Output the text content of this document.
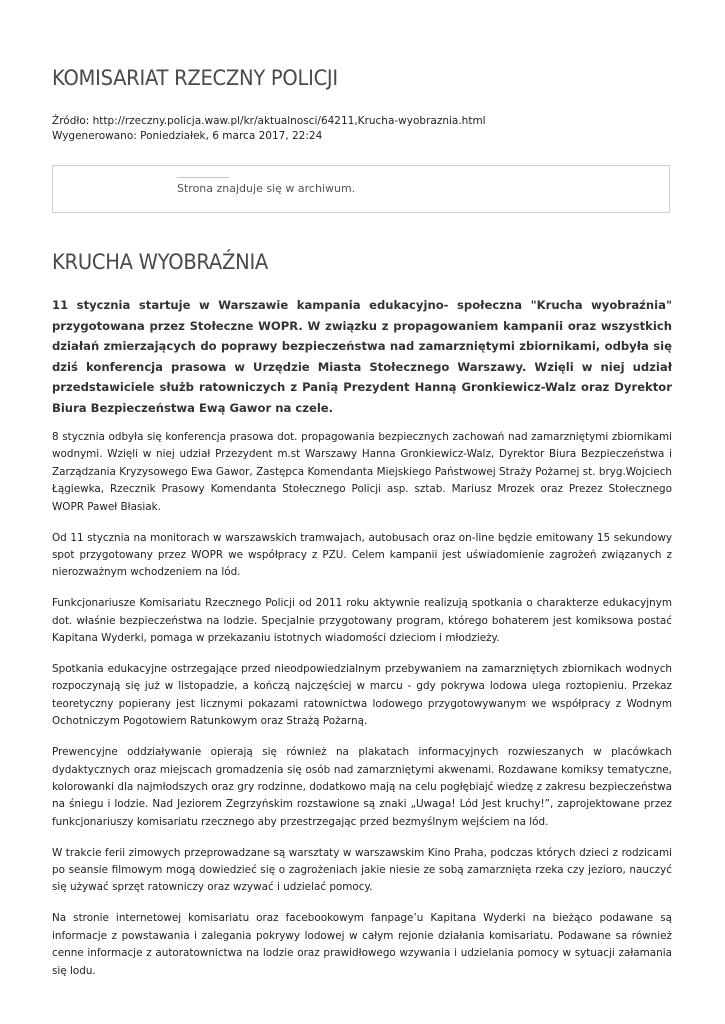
KOMISARIAT RZECZNY POLICJI
Źródło: http://rzeczny.policja.waw.pl/kr/aktualnosci/64211,Krucha-wyobraznia.html
Wygenerowano: Poniedziałek, 6 marca 2017, 22:24
Strona znajduje się w archiwum.
KRUCHA WYOBRAŹNIA

11 stycznia startuje w Warszawie kampania edukacyjno- społeczna "Krucha wyobraźnia" przygotowana przez Stołeczne WOPR. W związku z propagowaniem kampanii oraz wszystkich działań zmierzających do poprawy bezpieczeństwa nad zamarzniętymi zbiornikami, odbyła się dziś konferencja prasowa w Urzędzie Miasta Stołecznego Warszawy. Wzięli w niej udział przedstawiciele służb ratowniczych z Panią Prezydent Hanną Gronkiewicz-Walz oraz Dyrektor Biura Bezpieczeństwa Ewą Gawor na czele.

8 stycznia odbyła się konferencja prasowa dot. propagowania bezpiecznych zachowań nad zamarzniętymi zbiornikami wodnymi. Wzięli w niej udział Przezydent m.st Warszawy Hanna Gronkiewicz-Walz, Dyrektor Biura Bezpieczeństwa i Zarządzania Kryzysowego Ewa Gawor, Zastępca Komendanta Miejskiego Państwowej Straży Pożarnej st. bryg.Wojciech Łągiewka, Rzecznik Prasowy Komendanta Stołecznego Policji asp. sztab. Mariusz Mrozek oraz Prezez Stołecznego WOPR Paweł Błasiak.

Od 11 stycznia na monitorach w warszawskich tramwajach, autobusach oraz on-line będzie emitowany 15 sekundowy spot przygotowany przez WOPR we współpracy z PZU. Celem kampanii jest uświadomienie zagrożeń związanych z nierozważnym wchodzeniem na lód.

Funkcjonariusze Komisariatu Rzecznego Policji od 2011 roku aktywnie realizują spotkania o charakterze edukacyjnym dot. właśnie bezpieczeństwa na lodzie. Specjalnie przygotowany program, którego bohaterem jest komiksowa postać Kapitana Wyderki, pomaga w przekazaniu istotnych wiadomości dzieciom i młodzieży.

Spotkania edukacyjne ostrzegające przed nieodpowiedzialnym przebywaniem na zamarzniętych zbiornikach wodnych rozpoczynają się już w listopadzie, a kończą najczęściej w marcu - gdy pokrywa lodowa ulega roztopieniu. Przekaz teoretyczny popierany jest licznymi pokazami ratownictwa lodowego przygotowywanym we współpracy z Wodnym Ochotniczym Pogotowiem Ratunkowym oraz Strażą Pożarną.

Prewencyjne oddziaływanie opierają się również na plakatach informacyjnych rozwieszanych w placówkach dydaktycznych oraz miejscach gromadzenia się osób nad zamarzniętymi akwenami. Rozdawane komiksy tematyczne, kolorowanki dla najmłodszych oraz gry rodzinne, dodatkowo mają na celu pogłębiajć wiedzę z zakresu bezpieczeństwa na śniegu i lodzie. Nad Jeziorem Zegrzyńskim rozstawione są znaki „Uwaga! Lód Jest kruchy!”, zaprojektowane przez funkcjonariuszy komisariatu rzecznego aby przestrzegając przed bezmyślnym wejściem na lód.

W trakcie ferii zimowych przeprowadzane są warsztaty w warszawskim Kino Praha, podczas których dzieci z rodzicami po seansie filmowym mogą dowiedzieć się o zagrożeniach jakie niesie ze sobą zamarznięta rzeka czy jezioro, nauczyć się używać sprzęt ratowniczy oraz wzywać i udzielać pomocy.

Na stronie internetowej komisariatu oraz facebookowym fanpage’u Kapitana Wyderki na bieżąco podawane są informacje z powstawania i zalegania pokrywy lodowej w całym rejonie działania komisariatu. Podawane sa również cenne informacje z autoratownictwa na lodzie oraz prawidłowego wzywania i udzielania pomocy w sytuacji załamania się lodu.
